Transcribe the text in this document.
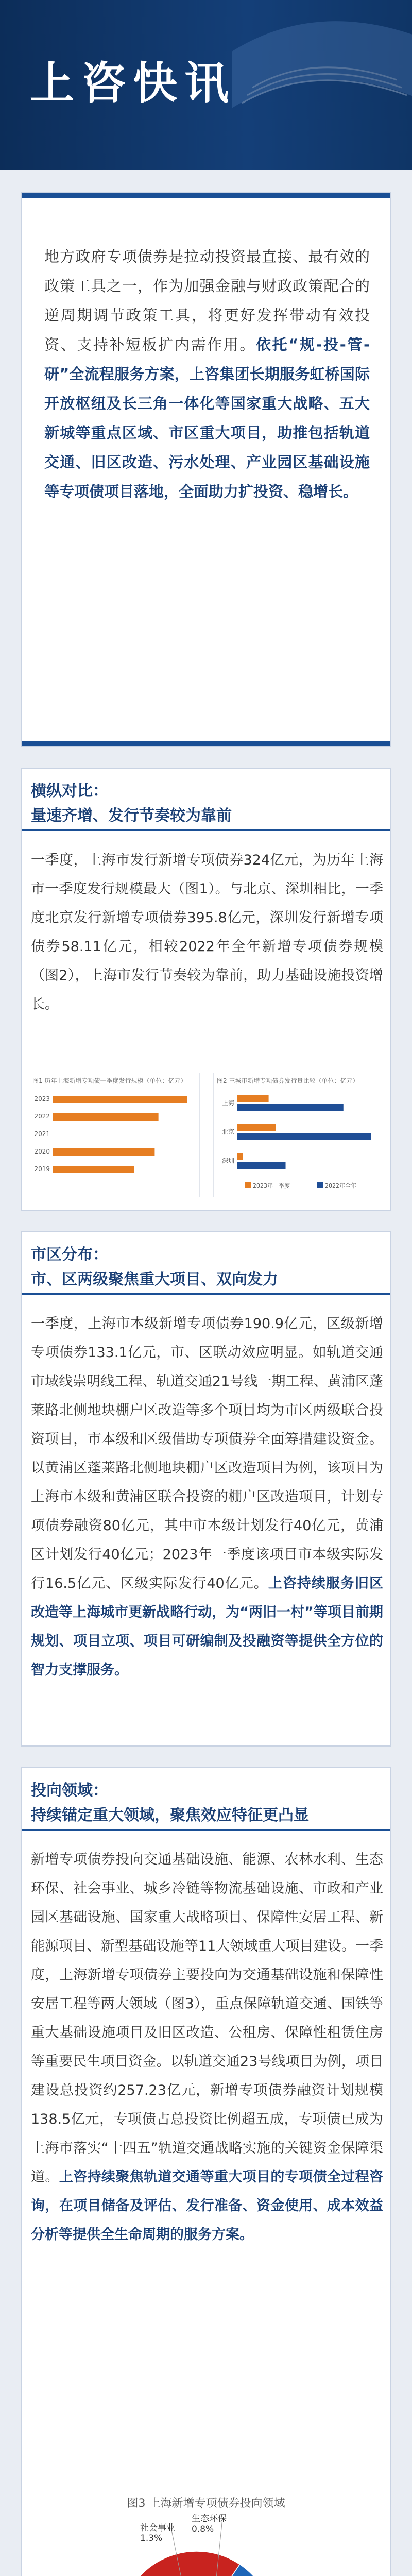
上咨快讯
地方政府专项债券是拉动投资最直接、最有效的政策工具之一，作为加强金融与财政政策配合的逆周期调节政策工具，将更好发挥带动有效投资、支持补短板扩内需作用。依托“规-投-管-研”全流程服务方案，上咨集团长期服务虹桥国际开放枢纽及长三角一体化等国家重大战略、五大新城等重点区域、市区重大项目，助推包括轨道交通、旧区改造、污水处理、产业园区基础设施等专项债项目落地，全面助力扩投资、稳增长。
横纵对比：
量速齐增、发行节奏较为靠前
一季度，上海市发行新增专项债券324亿元，为历年上海市一季度发行规模最大（图1）。与北京、深圳相比，一季度北京发行新增专项债券395.8亿元，深圳发行新增专项债券58.11亿元，相较2022年全年新增专项债券规模（图2），上海市发行节奏较为靠前，助力基础设施投资增长。
图1 历年上海新增专项债一季度发行规模（单位：亿元）
2023
2022
2021
2020
2019
图2 三城市新增专项债券发行量比较（单位：亿元）
上海
北京
深圳
2023年一季度	2022年全年
市区分布：
市、区两级聚焦重大项目、双向发力
一季度，上海市本级新增专项债券190.9亿元，区级新增专项债券133.1亿元，市、区联动效应明显。如轨道交通市域线崇明线工程、轨道交通21号线一期工程、黄浦区蓬莱路北侧地块棚户区改造等多个项目均为市区两级联合投资项目，市本级和区级借助专项债券全面筹措建设资金。以黄浦区蓬莱路北侧地块棚户区改造项目为例，该项目为上海市本级和黄浦区联合投资的棚户区改造项目，计划专项债券融资80亿元，其中市本级计划发行40亿元，黄浦区计划发行40亿元；2023年一季度该项目市本级实际发行16.5亿元、区级实际发行40亿元。上咨持续服务旧区改造等上海城市更新战略行动，为“两旧一村”等项目前期规划、项目立项、项目可研编制及投融资等提供全方位的智力支撑服务。
投向领域：
持续锚定重大领域，聚焦效应特征更凸显
新增专项债券投向交通基础设施、能源、农林水利、生态环保、社会事业、城乡冷链等物流基础设施、市政和产业园区基础设施、国家重大战略项目、保障性安居工程、新能源项目、新型基础设施等11大领域重大项目建设。一季度，上海新增专项债券主要投向为交通基础设施和保障性安居工程等两大领域（图3），重点保障轨道交通、国铁等重大基础设施项目及旧区改造、公租房、保障性租赁住房等重要民生项目资金。以轨道交通23号线项目为例，项目建设总投资约257.23亿元，新增专项债券融资计划规模138.5亿元，专项债占总投资比例超五成，专项债已成为上海市落实“十四五”轨道交通战略实施的关键资金保障渠道。上咨持续聚焦轨道交通等重大项目的专项债全过程咨询，在项目储备及评估、发行准备、资金使用、成本效益分析等提供全生命周期的服务方案。
图3 上海新增专项债券投向领域
社会事业
1.3%
生态环保
0.8%
